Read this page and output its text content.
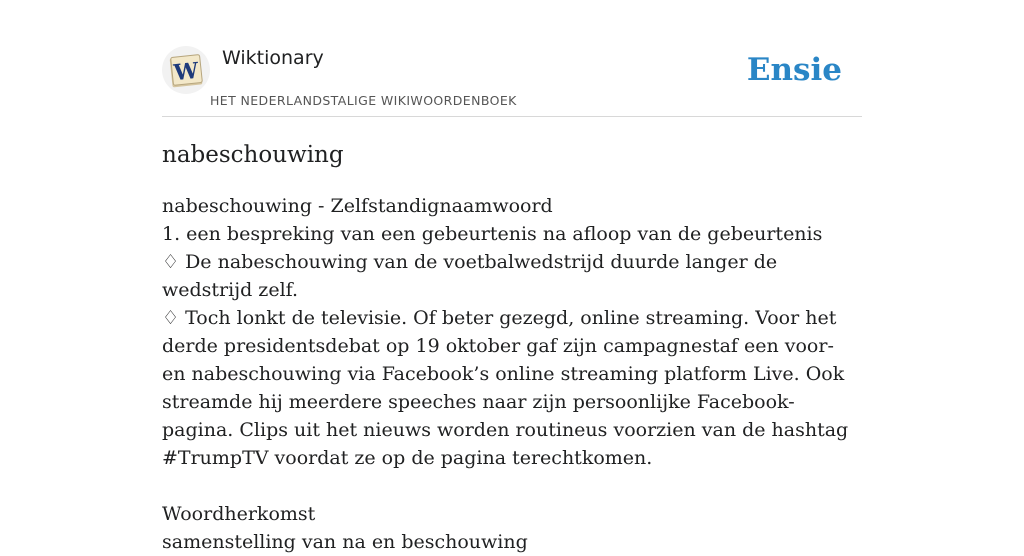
W Wiktionary
HET NEDERLANDSTALIGE WIKIWOORDENBOEK
Ensie
nabeschouwing

nabeschouwing - Zelfstandignaamwoord

1. een bespreking van een gebeurtenis na afloop van de gebeurtenis

♢ De nabeschouwing van de voetbalwedstrijd duurde langer de wedstrijd zelf.

♢ Toch lonkt de televisie. Of beter gezegd, online streaming. Voor het derde presidentsdebat op 19 oktober gaf zijn campagnestaf een voor- en nabeschouwing via Facebook’s online streaming platform Live. Ook streamde hij meerdere speeches naar zijn persoonlijke Facebook-pagina. Clips uit het nieuws worden routineus voorzien van de hashtag #TrumpTV voordat ze op de pagina terechtkomen.

Woordherkomst

samenstelling van na en beschouwing
